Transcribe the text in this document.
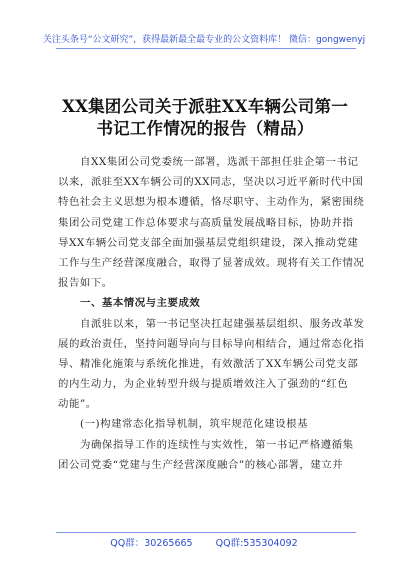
关注头条号“公文研究”，获得最新最全最专业的公文资料库！ 微信：gongwenyj
XX集团公司关于派驻XX车辆公司第一
书记工作情况的报告（精品）
自XX集团公司党委统一部署，选派干部担任驻企第一书记
以来，派驻至XX车辆公司的XX同志，坚决以习近平新时代中国
特色社会主义思想为根本遵循，恪尽职守、主动作为，紧密围绕
集团公司党建工作总体要求与高质量发展战略目标，协助并指
导XX车辆公司党支部全面加强基层党组织建设，深入推动党建
工作与生产经营深度融合，取得了显著成效。现将有关工作情况
报告如下。
一、基本情况与主要成效
自派驻以来，第一书记坚决扛起建强基层组织、服务改革发
展的政治责任，坚持问题导向与目标导向相结合，通过常态化指
导、精准化施策与系统化推进，有效激活了XX车辆公司党支部
的内生动力，为企业转型升级与提质增效注入了强劲的“红色
动能”。
(一)构建常态化指导机制，筑牢规范化建设根基
为确保指导工作的连续性与实效性，第一书记严格遵循集
团公司党委“党建与生产经营深度融合”的核心部署，建立并
QQ群：30265665 QQ群:535304092
